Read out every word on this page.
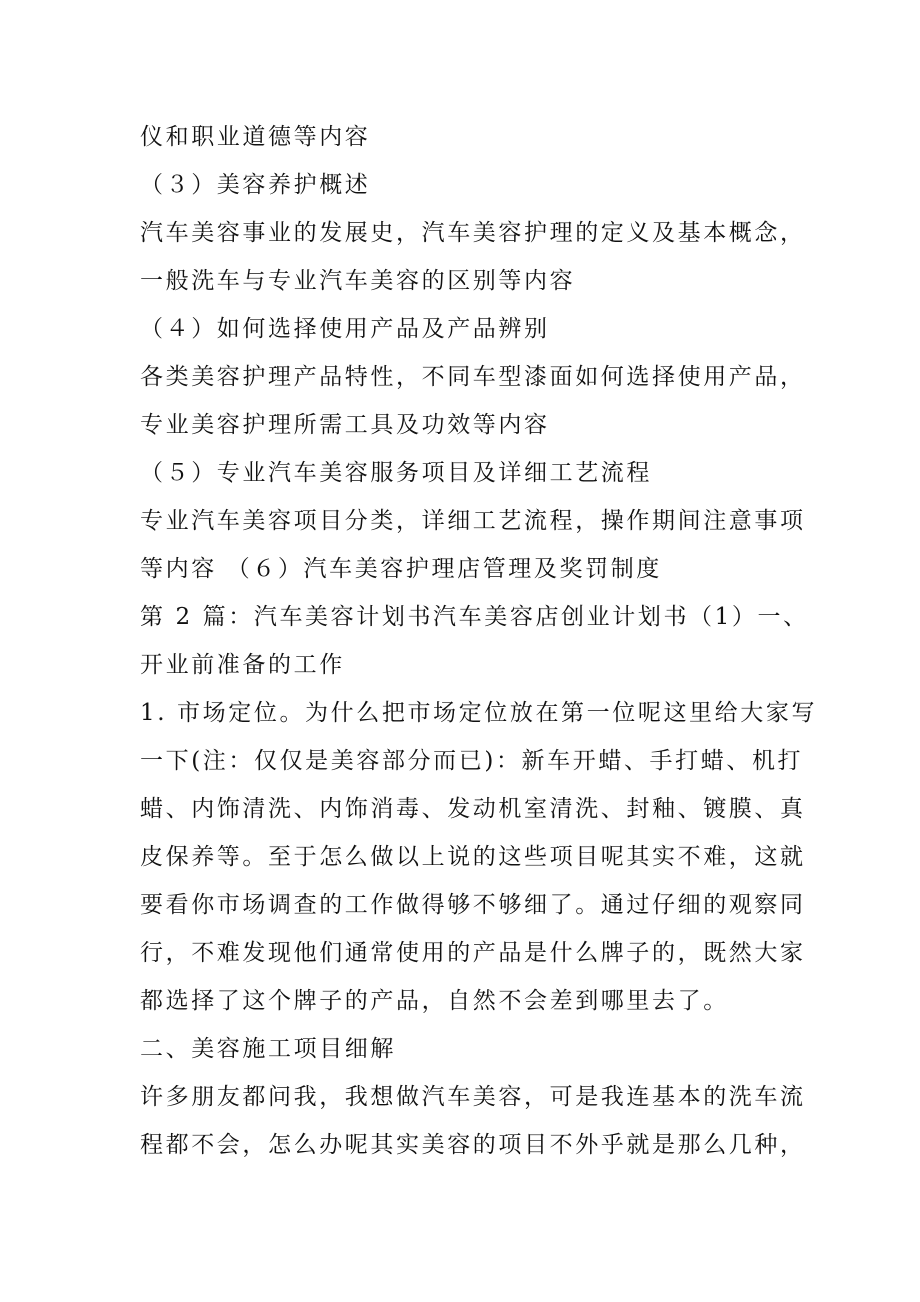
仪和职业道德等内容
（３）美容养护概述
汽车美容事业的发展史，汽车美容护理的定义及基本概念，
一般洗车与专业汽车美容的区别等内容
（４）如何选择使用产品及产品辨别
各类美容护理产品特性，不同车型漆面如何选择使用产品，
专业美容护理所需工具及功效等内容
（５）专业汽车美容服务项目及详细工艺流程
专业汽车美容项目分类，详细工艺流程，操作期间注意事项
等内容 （６）汽车美容护理店管理及奖罚制度
第 2 篇：汽车美容计划书汽车美容店创业计划书（1）一、
开业前准备的工作
1. 市场定位。为什么把市场定位放在第一位呢这里给大家写
一下(注：仅仅是美容部分而已)：新车开蜡、手打蜡、机打
蜡、内饰清洗、内饰消毒、发动机室清洗、封釉、镀膜、真
皮保养等。至于怎么做以上说的这些项目呢其实不难，这就
要看你市场调查的工作做得够不够细了。通过仔细的观察同
行，不难发现他们通常使用的产品是什么牌子的，既然大家
都选择了这个牌子的产品，自然不会差到哪里去了。
二、美容施工项目细解
许多朋友都问我，我想做汽车美容，可是我连基本的洗车流
程都不会，怎么办呢其实美容的项目不外乎就是那么几种，
